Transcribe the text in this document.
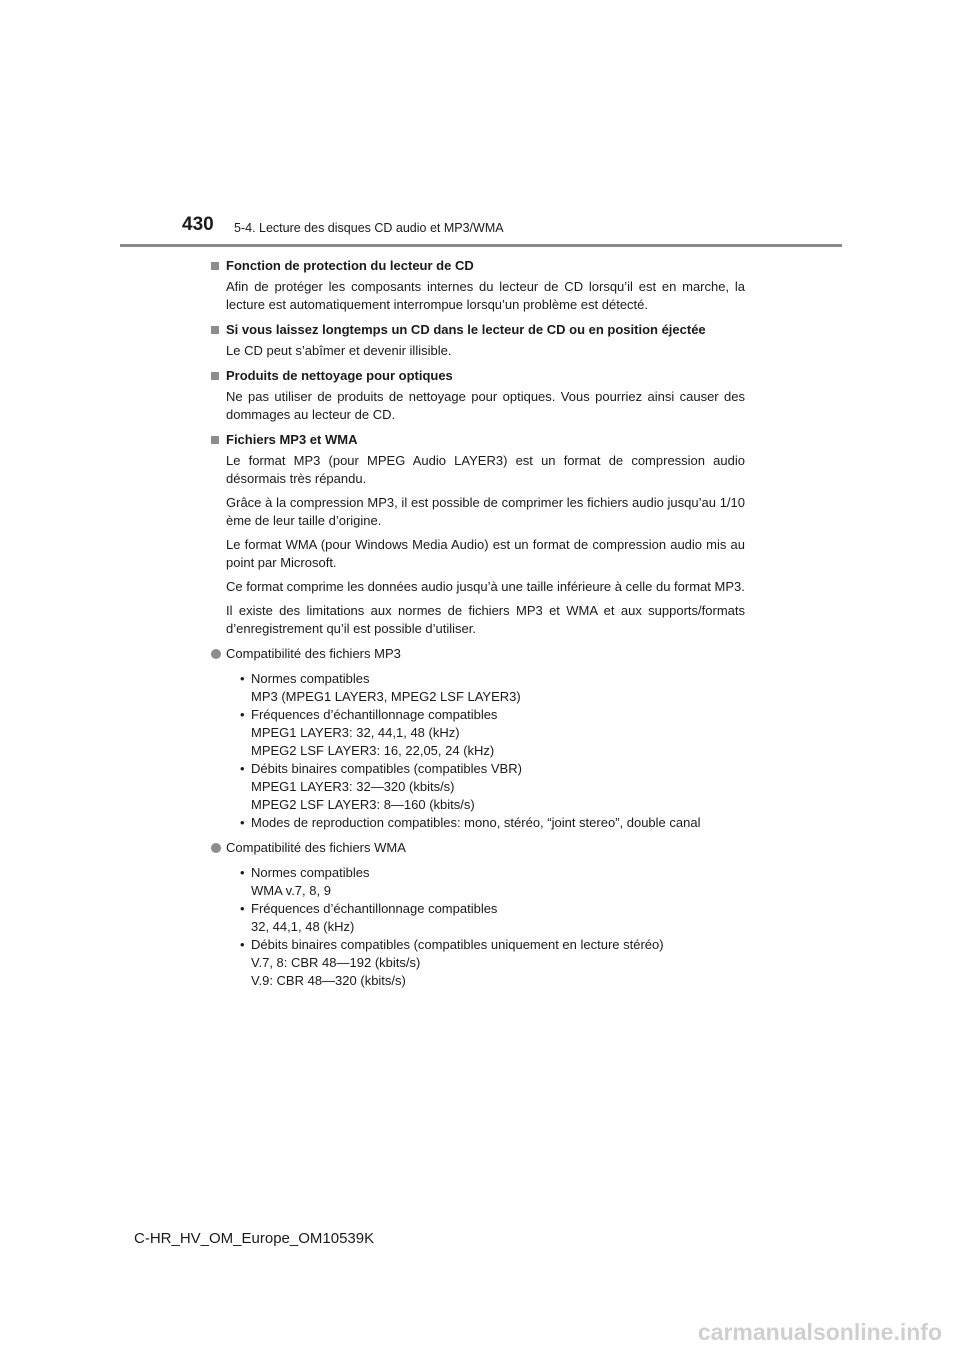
430 5-4. Lecture des disques CD audio et MP3/WMA
Fonction de protection du lecteur de CD
Afin de protéger les composants internes du lecteur de CD lorsqu’il est en marche, la lecture est automatiquement interrompue lorsqu’un problème est détecté.
Si vous laissez longtemps un CD dans le lecteur de CD ou en position éjectée
Le CD peut s’abîmer et devenir illisible.
Produits de nettoyage pour optiques
Ne pas utiliser de produits de nettoyage pour optiques. Vous pourriez ainsi causer des dommages au lecteur de CD.
Fichiers MP3 et WMA
Le format MP3 (pour MPEG Audio LAYER3) est un format de compression audio désormais très répandu.
Grâce à la compression MP3, il est possible de comprimer les fichiers audio jusqu’au 1/10 ème de leur taille d’origine.
Le format WMA (pour Windows Media Audio) est un format de compression audio mis au point par Microsoft.
Ce format comprime les données audio jusqu’à une taille inférieure à celle du format MP3.
Il existe des limitations aux normes de fichiers MP3 et WMA et aux supports/formats d’enregistrement qu’il est possible d’utiliser.
Compatibilité des fichiers MP3
• Normes compatibles
MP3 (MPEG1 LAYER3, MPEG2 LSF LAYER3)
• Fréquences d’échantillonnage compatibles
MPEG1 LAYER3: 32, 44,1, 48 (kHz)
MPEG2 LSF LAYER3: 16, 22,05, 24 (kHz)
• Débits binaires compatibles (compatibles VBR)
MPEG1 LAYER3: 32—320 (kbits/s)
MPEG2 LSF LAYER3: 8—160 (kbits/s)
• Modes de reproduction compatibles: mono, stéréo, “joint stereo”, double canal
Compatibilité des fichiers WMA
• Normes compatibles
WMA v.7, 8, 9
• Fréquences d’échantillonnage compatibles
32, 44,1, 48 (kHz)
• Débits binaires compatibles (compatibles uniquement en lecture stéréo)
V.7, 8: CBR 48—192 (kbits/s)
V.9: CBR 48—320 (kbits/s)
C-HR_HV_OM_Europe_OM10539K
carmanualsonline.info
